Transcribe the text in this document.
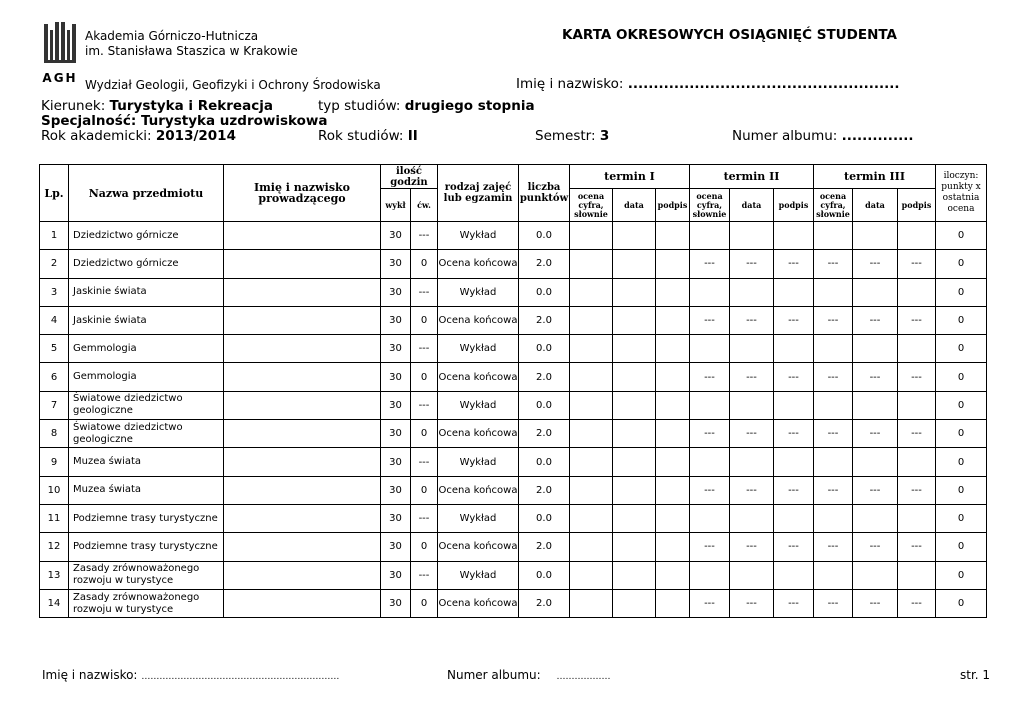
AGH
Akademia Górniczo-Hutnicza
im. Stanisława Staszica w Krakowie
Wydział Geologii, Geofizyki i Ochrony Środowiska
KARTA OKRESOWYCH OSIĄGNIĘĆ STUDENTA
Imię i nazwisko: .....................................................
Kierunek: Turystyka i Rekreacja	typ studiów: drugiego stopnia
Specjalność: Turystyka uzdrowiskowa
Rok akademicki: 2013/2014	Rok studiów: II	Semestr: 3	Numer albumu: ..............
Lp.	Nazwa przedmiotu	Imię i nazwisko prowadzącego	ilość godzin		rodzaj zajęć lub egzamin	liczba punktów	termin I			termin II			termin III			iloczyn: punkty x ostatnia ocena
			wykł	ćw.			ocena cyfra, słownie	data	podpis	ocena cyfra, słownie	data	podpis	ocena cyfra, słownie	data	podpis	
1	Dziedzictwo górnicze		30	---	Wykład	0.0										0
2	Dziedzictwo górnicze		30	0	Ocena końcowa	2.0				---	---	---	---	---	---	0
3	Jaskinie świata		30	---	Wykład	0.0										0
4	Jaskinie świata		30	0	Ocena końcowa	2.0				---	---	---	---	---	---	0
5	Gemmologia		30	---	Wykład	0.0										0
6	Gemmologia		30	0	Ocena końcowa	2.0				---	---	---	---	---	---	0
7	Światowe dziedzictwo geologiczne		30	---	Wykład	0.0										0
8	Światowe dziedzictwo geologiczne		30	0	Ocena końcowa	2.0				---	---	---	---	---	---	0
9	Muzea świata		30	---	Wykład	0.0										0
10	Muzea świata		30	0	Ocena końcowa	2.0				---	---	---	---	---	---	0
11	Podziemne trasy turystyczne		30	---	Wykład	0.0										0
12	Podziemne trasy turystyczne		30	0	Ocena końcowa	2.0				---	---	---	---	---	---	0
13	Zasady zrównoważonego rozwoju w turystyce		30	---	Wykład	0.0										0
14	Zasady zrównoważonego rozwoju w turystyce		30	0	Ocena końcowa	2.0				---	---	---	---	---	---	0
Imię i nazwisko: …………………………………………………………	Numer albumu: ………………	str. 1
